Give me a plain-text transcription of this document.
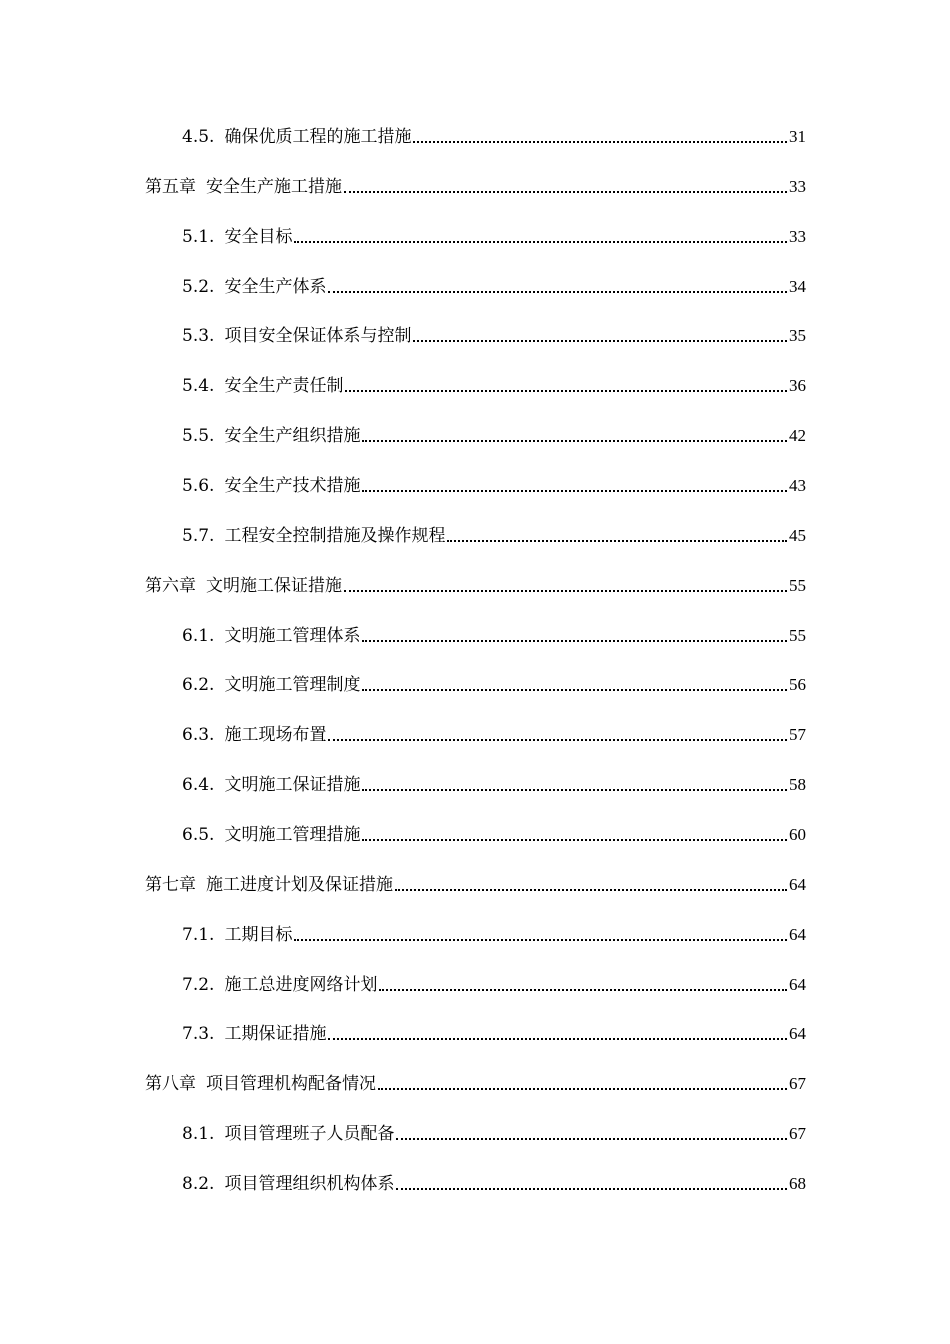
4.5. 确保优质工程的施工措施	31
第五章 安全生产施工措施	33
5.1. 安全目标	33
5.2. 安全生产体系	34
5.3. 项目安全保证体系与控制	35
5.4. 安全生产责任制	36
5.5. 安全生产组织措施	42
5.6. 安全生产技术措施	43
5.7. 工程安全控制措施及操作规程	45
第六章 文明施工保证措施	55
6.1. 文明施工管理体系	55
6.2. 文明施工管理制度	56
6.3. 施工现场布置	57
6.4. 文明施工保证措施	58
6.5. 文明施工管理措施	60
第七章 施工进度计划及保证措施	64
7.1. 工期目标	64
7.2. 施工总进度网络计划	64
7.3. 工期保证措施	64
第八章 项目管理机构配备情况	67
8.1. 项目管理班子人员配备	67
8.2. 项目管理组织机构体系	68
